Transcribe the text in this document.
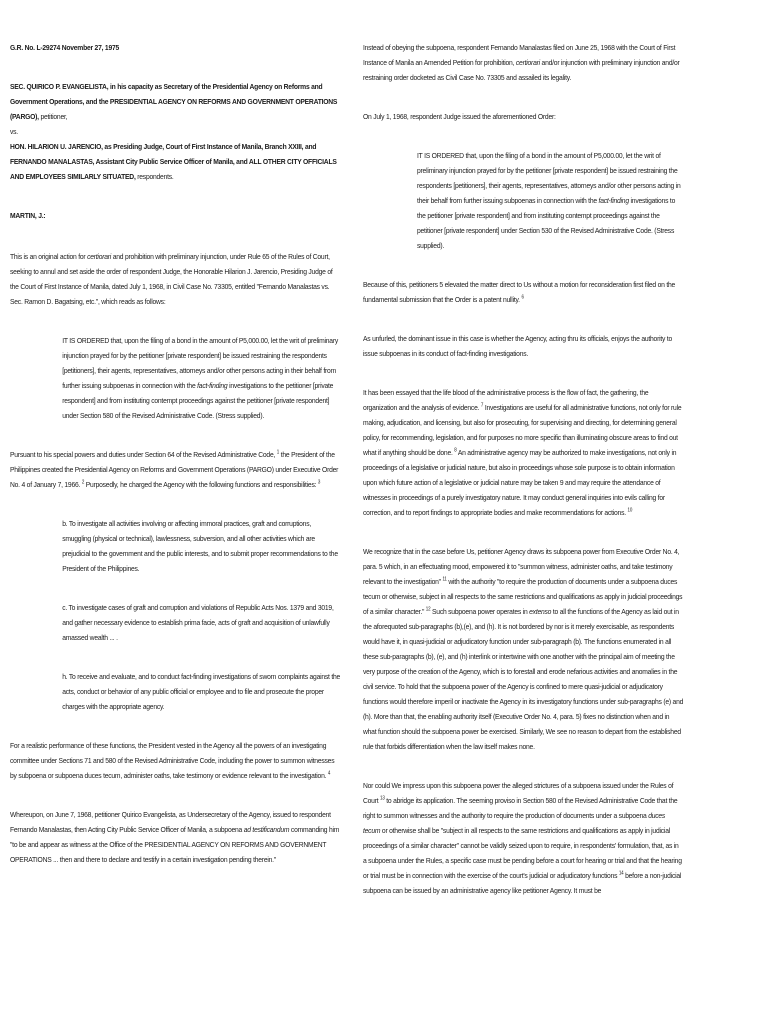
G.R. No. L-29274 November 27, 1975

SEC. QUIRICO P. EVANGELISTA, in his capacity as Secretary of the Presidential Agency on Reforms and Government Operations, and the PRESIDENTIAL AGENCY ON REFORMS AND GOVERNMENT OPERATIONS (PARGO), petitioner,
vs.
HON. HILARION U. JARENCIO, as Presiding Judge, Court of First Instance of Manila, Branch XXIII, and FERNANDO MANALASTAS, Assistant City Public Service Officer of Manila, and ALL OTHER CITY OFFICIALS AND EMPLOYEES SIMILARLY SITUATED, respondents.

MARTIN, J.:

This is an original action for certiorari and prohibition with preliminary injunction, under Rule 65 of the Rules of Court, seeking to annul and set aside the order of respondent Judge, the Honorable Hilarion J. Jarencio, Presiding Judge of the Court of First Instance of Manila, dated July 1, 1968, in Civil Case No. 73305, entitled "Fernando Manalastas vs. Sec. Ramon D. Bagatsing, etc.", which reads as follows:

IT IS ORDERED that, upon the filing of a bond in the amount of P5,000.00, let the writ of preliminary injunction prayed for by the petitioner [private respondent] be issued restraining the respondents [petitioners], their agents, representatives, attorneys and/or other persons acting in their behalf from further issuing subpoenas in connection with the fact-finding investigations to the petitioner [private respondent] and from instituting contempt proceedings against the petitioner [private respondent] under Section 580 of the Revised Administrative Code. (Stress supplied).

Pursuant to his special powers and duties under Section 64 of the Revised Administrative Code, $^1$ the President of the Philippines created the Presidential Agency on Reforms and Government Operations (PARGO) under Executive Order No. 4 of January 7, 1966. $^2$ Purposedly, he charged the Agency with the following functions and responsibilities: $^3$

b. To investigate all activities involving or affecting immoral practices, graft and corruptions, smuggling (physical or technical), lawlessness, subversion, and all other activities which are prejudicial to the government and the public interests, and to submit proper recommendations to the President of the Philippines.

c. To investigate cases of graft and corruption and violations of Republic Acts Nos. 1379 and 3019, and gather necessary evidence to establish prima facie, acts of graft and acquisition of unlawfully amassed wealth ... .

h. To receive and evaluate, and to conduct fact-finding investigations of sworn complaints against the acts, conduct or behavior of any public official or employee and to file and prosecute the proper charges with the appropriate agency.

For a realistic performance of these functions, the President vested in the Agency all the powers of an investigating committee under Sections 71 and 580 of the Revised Administrative Code, including the power to summon witnesses by subpoena or subpoena duces tecum, administer oaths, take testimony or evidence relevant to the investigation. $^4$

Whereupon, on June 7, 1968, petitioner Quirico Evangelista, as Undersecretary of the Agency, issued to respondent Fernando Manalastas, then Acting City Public Service Officer of Manila, a subpoena ad testificandum commanding him "to be and appear as witness at the Office of the PRESIDENTIAL AGENCY ON REFORMS AND GOVERNMENT OPERATIONS ... then and there to declare and testify in a certain investigation pending therein."

Instead of obeying the subpoena, respondent Fernando Manalastas filed on June 25, 1968 with the Court of First Instance of Manila an Amended Petition for prohibition, certiorari and/or injunction with preliminary injunction and/or restraining order docketed as Civil Case No. 73305 and assailed its legality.

On July 1, 1968, respondent Judge issued the aforementioned Order:

IT IS ORDERED that, upon the filing of a bond in the amount of P5,000.00, let the writ of preliminary injunction prayed for by the petitioner [private respondent] be issued restraining the respondents [petitioners], their agents, representatives, attorneys and/or other persons acting in their behalf from further issuing subpoenas in connection with the fact-finding investigations to the petitioner [private respondent] and from instituting contempt proceedings against the petitioner [private respondent] under Section 530 of the Revised Administrative Code. (Stress supplied).

Because of this, petitioners 5 elevated the matter direct to Us without a motion for reconsideration first filed on the fundamental submission that the Order is a patent nullity. $^6$

As unfurled, the dominant issue in this case is whether the Agency, acting thru its officials, enjoys the authority to issue subpoenas in its conduct of fact-finding investigations.

It has been essayed that the life blood of the administrative process is the flow of fact, the gathering, the organization and the analysis of evidence. $^7$ Investigations are useful for all administrative functions, not only for rule making, adjudication, and licensing, but also for prosecuting, for supervising and directing, for determining general policy, for recommending, legislation, and for purposes no more specific than illuminating obscure areas to find out what if anything should be done. $^8$ An administrative agency may be authorized to make investigations, not only in proceedings of a legislative or judicial nature, but also in proceedings whose sole purpose is to obtain information upon which future action of a legislative or judicial nature may be taken 9 and may require the attendance of witnesses in proceedings of a purely investigatory nature. It may conduct general inquiries into evils calling for correction, and to report findings to appropriate bodies and make recommendations for actions. $^{10}$

We recognize that in the case before Us, petitioner Agency draws its subpoena power from Executive Order No. 4, para. 5 which, in an effectuating mood, empowered it to "summon witness, administer oaths, and take testimony relevant to the investigation" $^{11}$ with the authority "to require the production of documents under a subpoena duces tecum or otherwise, subject in all respects to the same restrictions and qualifications as apply in judicial proceedings of a similar character." $^{12}$ Such subpoena power operates in extenso to all the functions of the Agency as laid out in the aforequoted sub-paragraphs (b),(e), and (h). It is not bordered by nor is it merely exercisable, as respondents would have it, in quasi-judicial or adjudicatory function under sub-paragraph (b). The functions enumerated in all these sub-paragraphs (b), (e), and (h) interlink or intertwine with one another with the principal aim of meeting the very purpose of the creation of the Agency, which is to forestall and erode nefarious activities and anomalies in the civil service. To hold that the subpoena power of the Agency is confined to mere quasi-judicial or adjudicatory functions would therefore imperil or inactivate the Agency in its investigatory functions under sub-paragraphs (e) and (h). More than that, the enabling authority itself (Executive Order No. 4, para. 5) fixes no distinction when and in what function should the subpoena power be exercised. Similarly, We see no reason to depart from the established rule that forbids differentiation when the law itself makes none.

Nor could We impress upon this subpoena power the alleged strictures of a subpoena issued under the Rules of Court $^{13}$ to abridge its application. The seeming proviso in Section 580 of the Revised Administrative Code that the right to summon witnesses and the authority to require the production of documents under a subpoena duces tecum or otherwise shall be "subject in all respects to the same restrictions and qualifications as apply in judicial proceedings of a similar character" cannot be validly seized upon to require, in respondents' formulation, that, as in a subpoena under the Rules, a specific case must be pending before a court for hearing or trial and that the hearing or trial must be in connection with the exercise of the court's judicial or adjudicatory functions $^{14}$ before a non-judicial subpoena can be issued by an administrative agency like petitioner Agency. It must be
